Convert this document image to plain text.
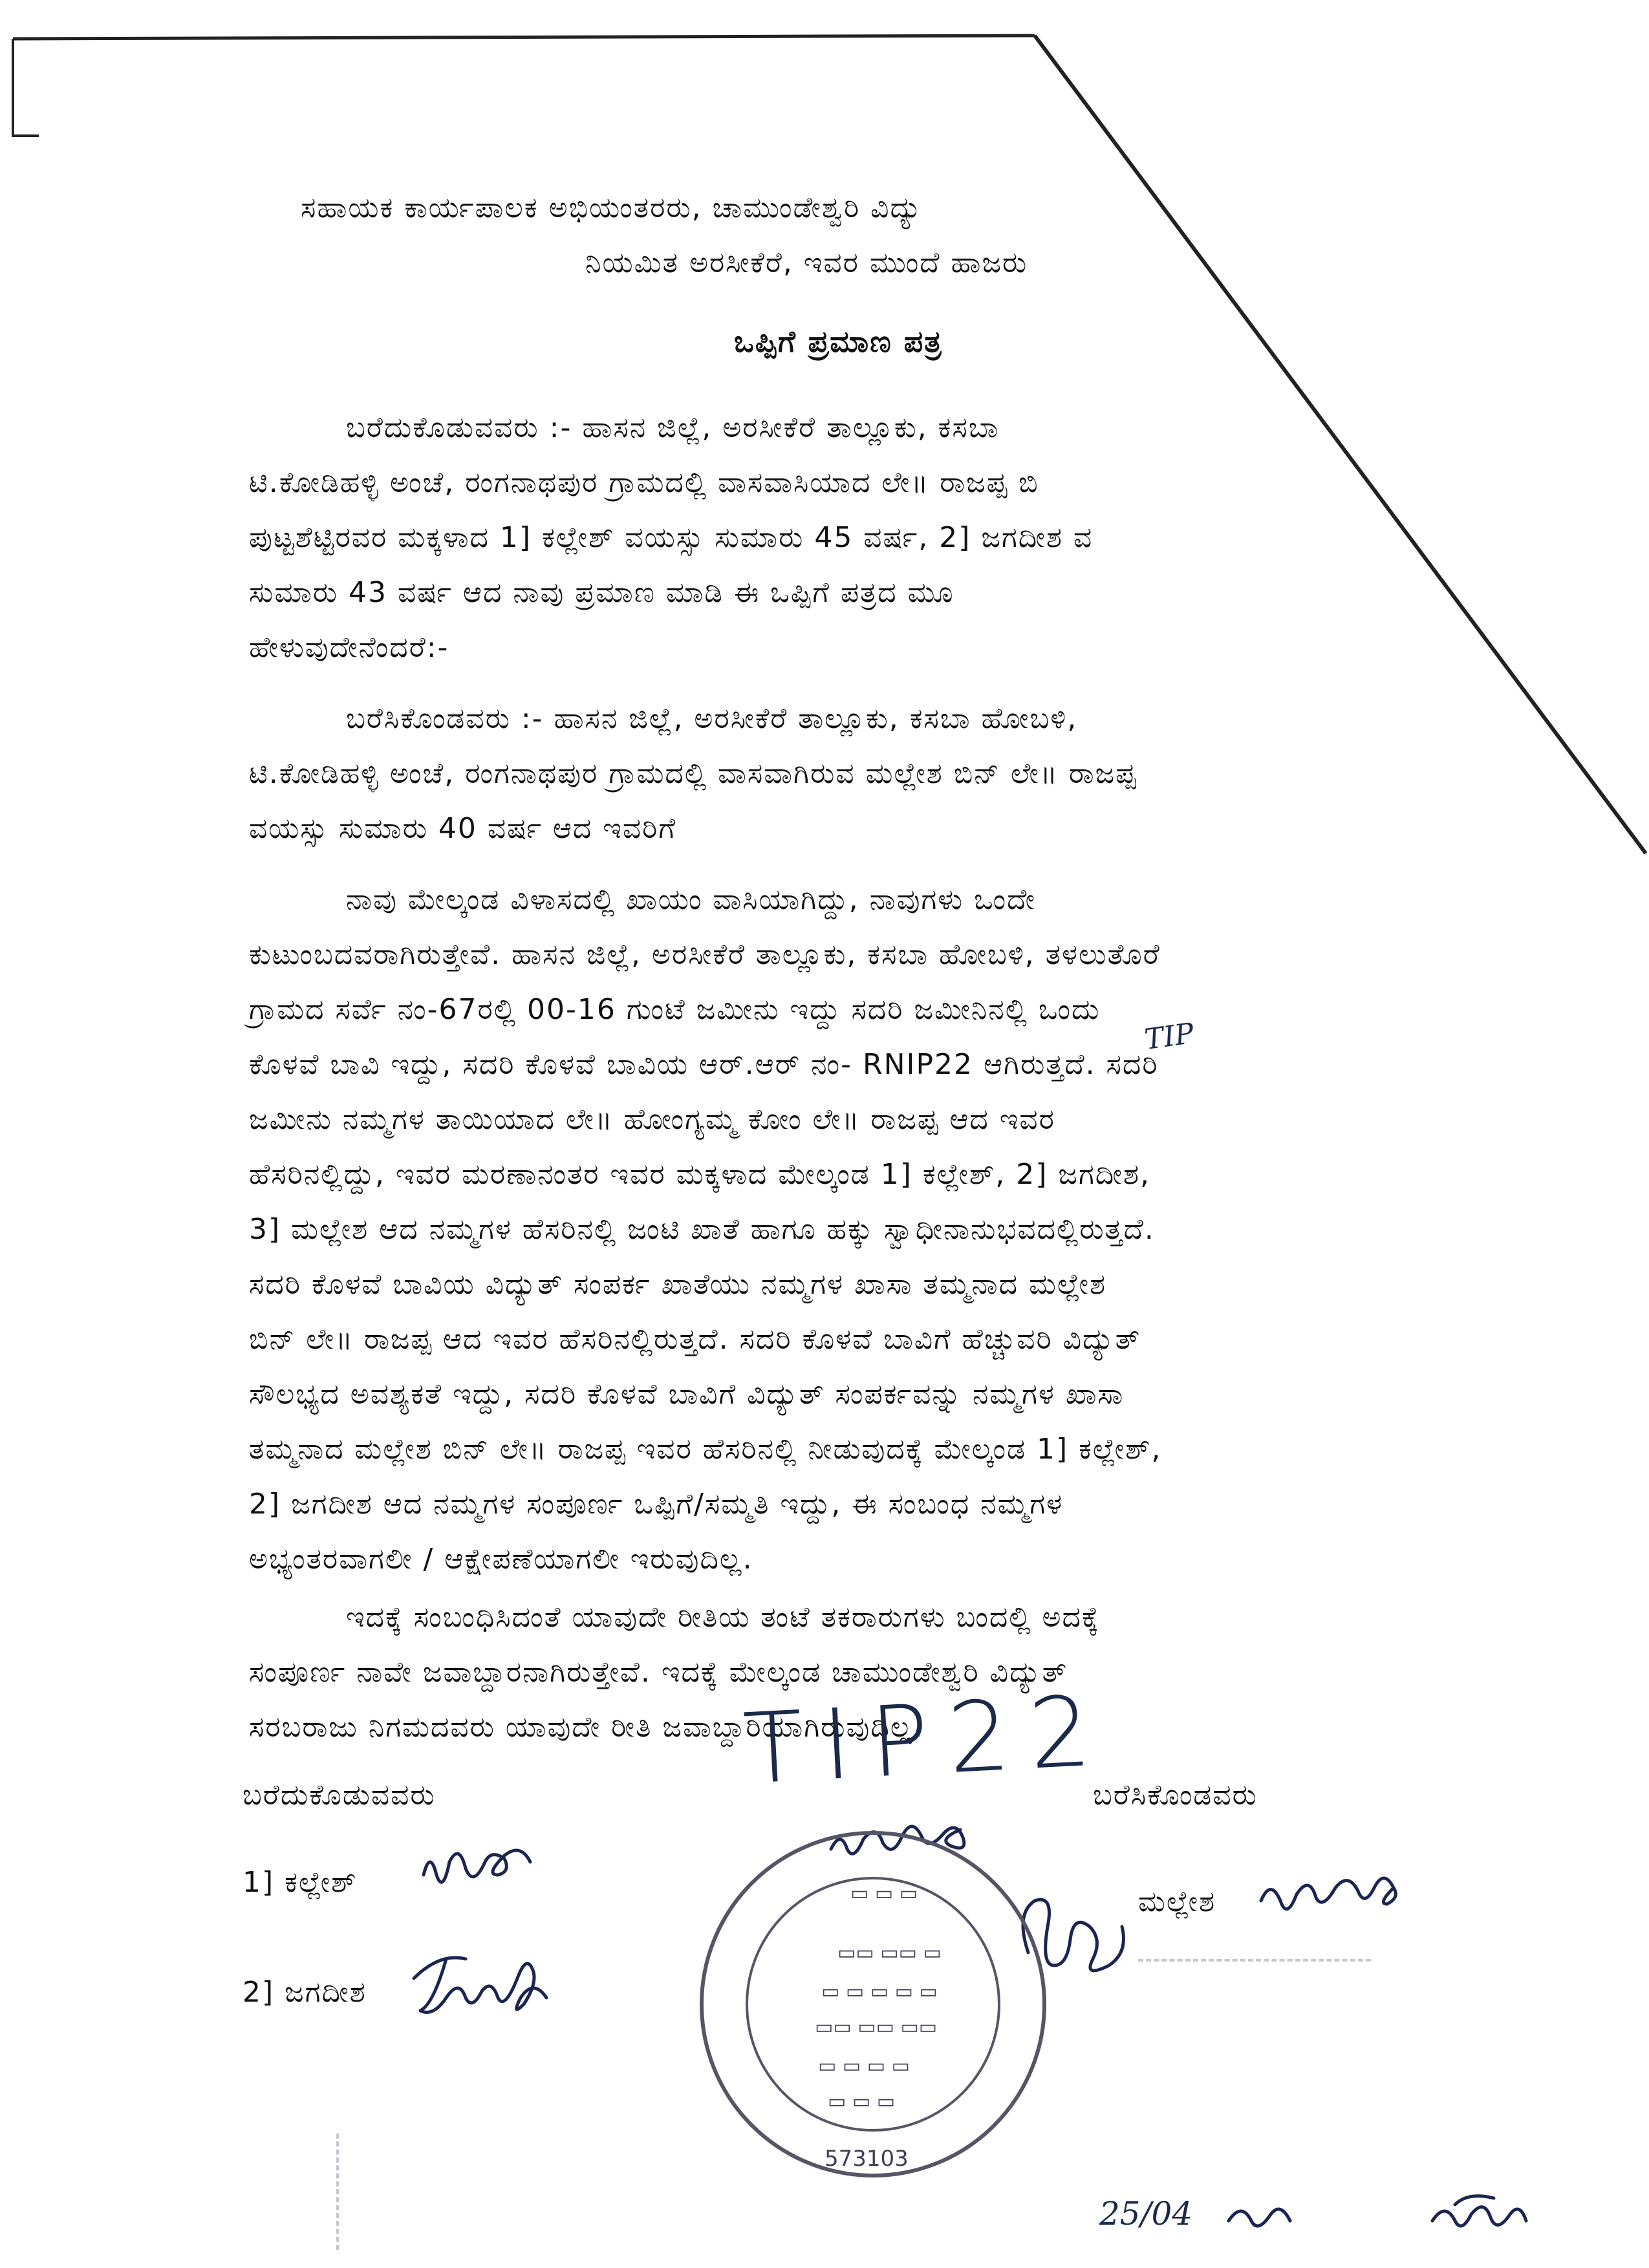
ಸಹಾಯಕ ಕಾರ್ಯಪಾಲಕ ಅಭಿಯಂತರರು, ಚಾಮುಂಡೇಶ್ವರಿ ವಿದ್ಯು
ನಿಯಮಿತ ಅರಸೀಕೆರೆ, ಇವರ ಮುಂದೆ ಹಾಜರು
ಒಪ್ಪಿಗೆ ಪ್ರಮಾಣ ಪತ್ರ
ಬರೆದುಕೊಡುವವರು :- ಹಾಸನ ಜಿಲ್ಲೆ, ಅರಸೀಕೆರೆ ತಾಲ್ಲೂಕು, ಕಸಬಾ
ಟಿ.ಕೋಡಿಹಳ್ಳಿ ಅಂಚೆ, ರಂಗನಾಥಪುರ ಗ್ರಾಮದಲ್ಲಿ ವಾಸವಾಸಿಯಾದ ಲೇ॥ ರಾಜಪ್ಪ ಬಿ
ಪುಟ್ಟಶೆಟ್ಟಿರವರ ಮಕ್ಕಳಾದ 1] ಕಲ್ಲೇಶ್ ವಯಸ್ಸು ಸುಮಾರು 45 ವರ್ಷ, 2] ಜಗದೀಶ ವ
ಸುಮಾರು 43 ವರ್ಷ ಆದ ನಾವು ಪ್ರಮಾಣ ಮಾಡಿ ಈ ಒಪ್ಪಿಗೆ ಪತ್ರದ ಮೂ
ಹೇಳುವುದೇನೆಂದರೆ:-
ಬರೆಸಿಕೊಂಡವರು :- ಹಾಸನ ಜಿಲ್ಲೆ, ಅರಸೀಕೆರೆ ತಾಲ್ಲೂಕು, ಕಸಬಾ ಹೋಬಳಿ,
ಟಿ.ಕೋಡಿಹಳ್ಳಿ ಅಂಚೆ, ರಂಗನಾಥಪುರ ಗ್ರಾಮದಲ್ಲಿ ವಾಸವಾಗಿರುವ ಮಲ್ಲೇಶ ಬಿನ್ ಲೇ॥ ರಾಜಪ್ಪ
ವಯಸ್ಸು ಸುಮಾರು 40 ವರ್ಷ ಆದ ಇವರಿಗೆ
ನಾವು ಮೇಲ್ಕಂಡ ವಿಳಾಸದಲ್ಲಿ ಖಾಯಂ ವಾಸಿಯಾಗಿದ್ದು, ನಾವುಗಳು ಒಂದೇ
ಕುಟುಂಬದವರಾಗಿರುತ್ತೇವೆ. ಹಾಸನ ಜಿಲ್ಲೆ, ಅರಸೀಕೆರೆ ತಾಲ್ಲೂಕು, ಕಸಬಾ ಹೋಬಳಿ, ತಳಲುತೊರೆ
ಗ್ರಾಮದ ಸರ್ವೆ ನಂ-67ರಲ್ಲಿ 00-16 ಗುಂಟೆ ಜಮೀನು ಇದ್ದು ಸದರಿ ಜಮೀನಿನಲ್ಲಿ ಒಂದು
ಕೊಳವೆ ಬಾವಿ ಇದ್ದು, ಸದರಿ ಕೊಳವೆ ಬಾವಿಯ ಆರ್.ಆರ್ ನಂ- RNIP22 ಆಗಿರುತ್ತದೆ. ಸದರಿ
ಜಮೀನು ನಮ್ಮಗಳ ತಾಯಿಯಾದ ಲೇ॥ ಹೋಂಗ್ಯಮ್ಮ ಕೋಂ ಲೇ॥ ರಾಜಪ್ಪ ಆದ ಇವರ
ಹೆಸರಿನಲ್ಲಿದ್ದು, ಇವರ ಮರಣಾನಂತರ ಇವರ ಮಕ್ಕಳಾದ ಮೇಲ್ಕಂಡ 1] ಕಲ್ಲೇಶ್, 2] ಜಗದೀಶ,
3] ಮಲ್ಲೇಶ ಆದ ನಮ್ಮಗಳ ಹೆಸರಿನಲ್ಲಿ ಜಂಟಿ ಖಾತೆ ಹಾಗೂ ಹಕ್ಕು ಸ್ವಾಧೀನಾನುಭವದಲ್ಲಿರುತ್ತದೆ.
ಸದರಿ ಕೊಳವೆ ಬಾವಿಯ ವಿದ್ಯುತ್ ಸಂಪರ್ಕ ಖಾತೆಯು ನಮ್ಮಗಳ ಖಾಸಾ ತಮ್ಮನಾದ ಮಲ್ಲೇಶ
ಬಿನ್ ಲೇ॥ ರಾಜಪ್ಪ ಆದ ಇವರ ಹೆಸರಿನಲ್ಲಿರುತ್ತದೆ. ಸದರಿ ಕೊಳವೆ ಬಾವಿಗೆ ಹೆಚ್ಚುವರಿ ವಿದ್ಯುತ್
ಸೌಲಭ್ಯದ ಅವಶ್ಯಕತೆ ಇದ್ದು, ಸದರಿ ಕೊಳವೆ ಬಾವಿಗೆ ವಿದ್ಯುತ್ ಸಂಪರ್ಕವನ್ನು ನಮ್ಮಗಳ ಖಾಸಾ
ತಮ್ಮನಾದ ಮಲ್ಲೇಶ ಬಿನ್ ಲೇ॥ ರಾಜಪ್ಪ ಇವರ ಹೆಸರಿನಲ್ಲಿ ನೀಡುವುದಕ್ಕೆ ಮೇಲ್ಕಂಡ 1] ಕಲ್ಲೇಶ್,
2] ಜಗದೀಶ ಆದ ನಮ್ಮಗಳ ಸಂಪೂರ್ಣ ಒಪ್ಪಿಗೆ/ಸಮ್ಮತಿ ಇದ್ದು, ಈ ಸಂಬಂಧ ನಮ್ಮಗಳ
ಅಭ್ಯಂತರವಾಗಲೀ / ಆಕ್ಷೇಪಣೆಯಾಗಲೀ ಇರುವುದಿಲ್ಲ.
TIP
ಇದಕ್ಕೆ ಸಂಬಂಧಿಸಿದಂತೆ ಯಾವುದೇ ರೀತಿಯ ತಂಟೆ ತಕರಾರುಗಳು ಬಂದಲ್ಲಿ ಅದಕ್ಕೆ
ಸಂಪೂರ್ಣ ನಾವೇ ಜವಾಬ್ದಾರನಾಗಿರುತ್ತೇವೆ. ಇದಕ್ಕೆ ಮೇಲ್ಕಂಡ ಚಾಮುಂಡೇಶ್ವರಿ ವಿದ್ಯುತ್
ಸರಬರಾಜು ನಿಗಮದವರು ಯಾವುದೇ ರೀತಿ ಜವಾಬ್ದಾರಿಯಾಗಿರುವುದಿಲ್ಲ.
ಬರೆದುಕೊಡುವವರು	ಬರೆಸಿಕೊಂಡವರು
TIP22
1] ಕಲ್ಲೇಶ್
2] ಜಗದೀಶ
ಮಲ್ಲೇಶ
▭ ▭ ▭
▭▭ ▭▭ ▭
▭ ▭ ▭ ▭ ▭
▭▭ ▭▭ ▭▭
▭ ▭ ▭ ▭
▭ ▭ ▭
573103
25/04
